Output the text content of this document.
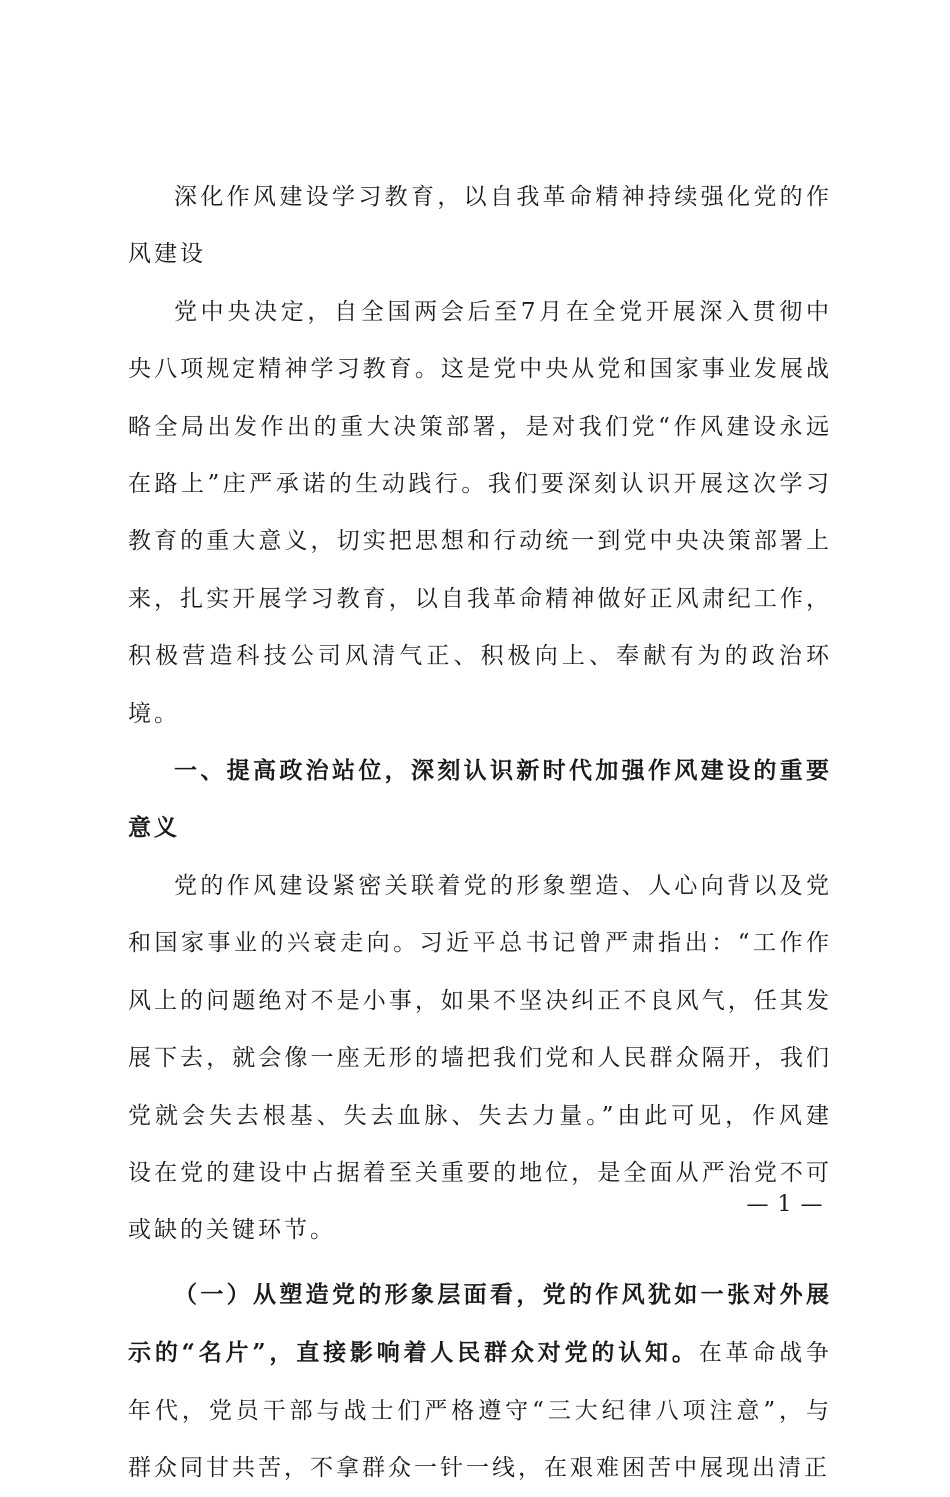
深化作风建设学习教育，以自我革命精神持续强化党的作风建设

党中央决定，自全国两会后至7月在全党开展深入贯彻中央八项规定精神学习教育。这是党中央从党和国家事业发展战略全局出发作出的重大决策部署，是对我们党“作风建设永远在路上”庄严承诺的生动践行。我们要深刻认识开展这次学习教育的重大意义，切实把思想和行动统一到党中央决策部署上来，扎实开展学习教育，以自我革命精神做好正风肃纪工作，积极营造科技公司风清气正、积极向上、奉献有为的政治环境。

一、提高政治站位，深刻认识新时代加强作风建设的重要意义

党的作风建设紧密关联着党的形象塑造、人心向背以及党和国家事业的兴衰走向。习近平总书记曾严肃指出：“工作作风上的问题绝对不是小事，如果不坚决纠正不良风气，任其发展下去，就会像一座无形的墙把我们党和人民群众隔开，我们党就会失去根基、失去血脉、失去力量。”由此可见，作风建设在党的建设中占据着至关重要的地位，是全面从严治党不可或缺的关键环节。

（一）从塑造党的形象层面看，党的作风犹如一张对外展示的“名片”，直接影响着人民群众对党的认知。在革命战争年代，党员干部与战士们严格遵守“三大纪律八项注意”，与群众同甘共苦，不拿群众一针一线，在艰难困苦中展现出清正

— 1 —
